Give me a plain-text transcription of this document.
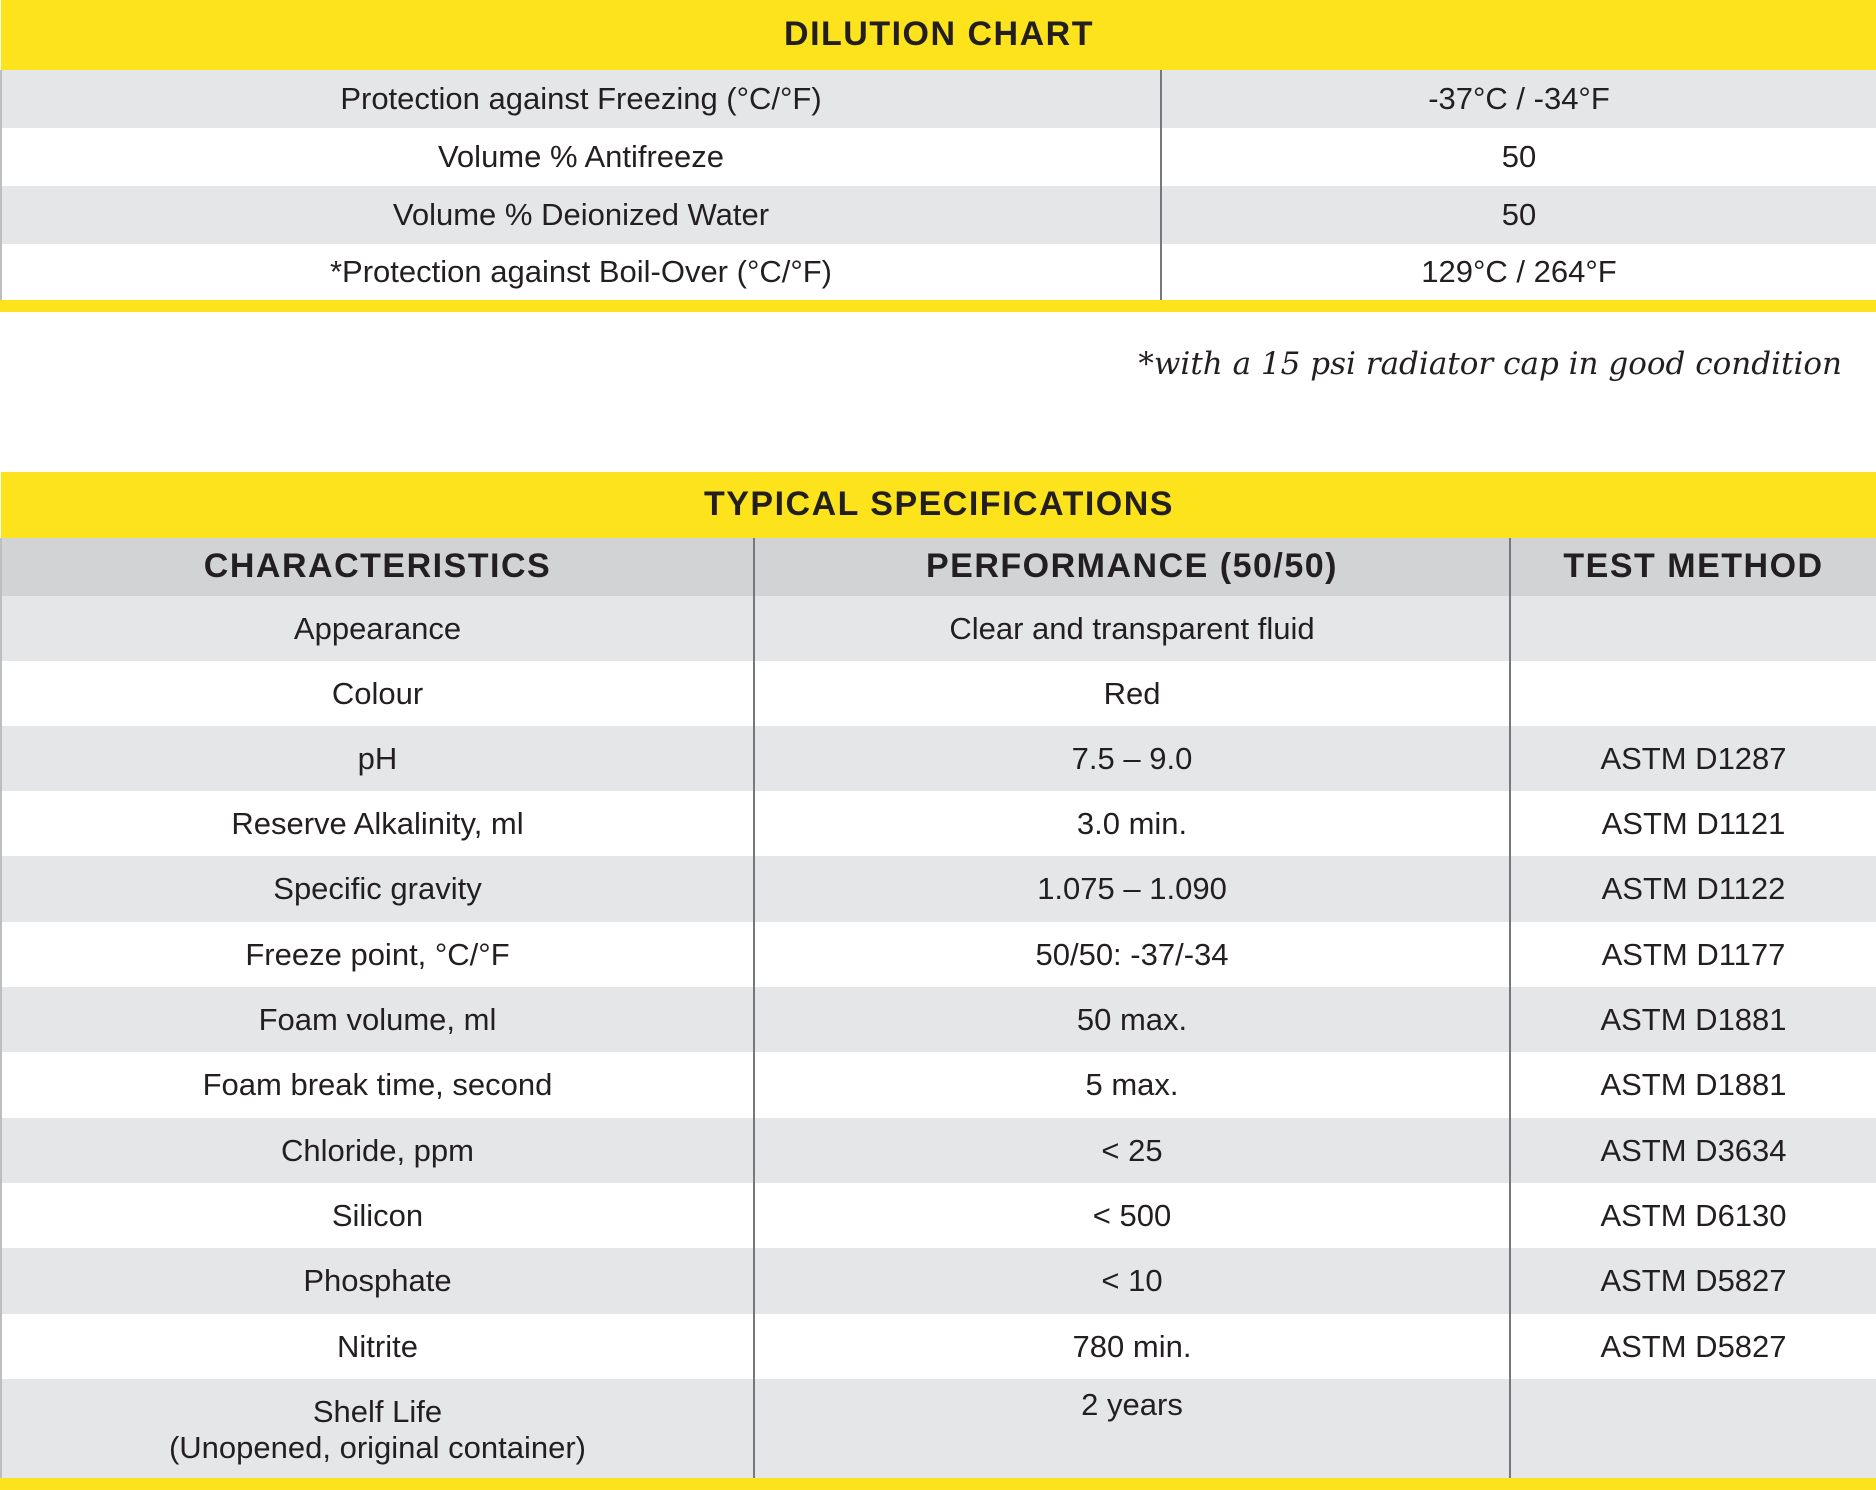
DILUTION CHART	
Protection against Freezing (°C/°F)	-37°C / -34°F
Volume % Antifreeze	50
Volume % Deionized Water	50
*Protection against Boil-Over (°C/°F)	129°C / 264°F
*with a 15 psi radiator cap in good condition
TYPICAL SPECIFICATIONS		
CHARACTERISTICS	PERFORMANCE (50/50)	TEST METHOD
Appearance	Clear and transparent fluid	
Colour	Red	
pH	7.5 – 9.0	ASTM D1287
Reserve Alkalinity, ml	3.0 min.	ASTM D1121
Specific gravity	1.075 – 1.090	ASTM D1122
Freeze point, °C/°F	50/50: -37/-34	ASTM D1177
Foam volume, ml	50 max.	ASTM D1881
Foam break time, second	5 max.	ASTM D1881
Chloride, ppm	< 25	ASTM D3634
Silicon	< 500	ASTM D6130
Phosphate	< 10	ASTM D5827
Nitrite	780 min.	ASTM D5827

Shelf Life
(Unopened, original container)	2 years	
